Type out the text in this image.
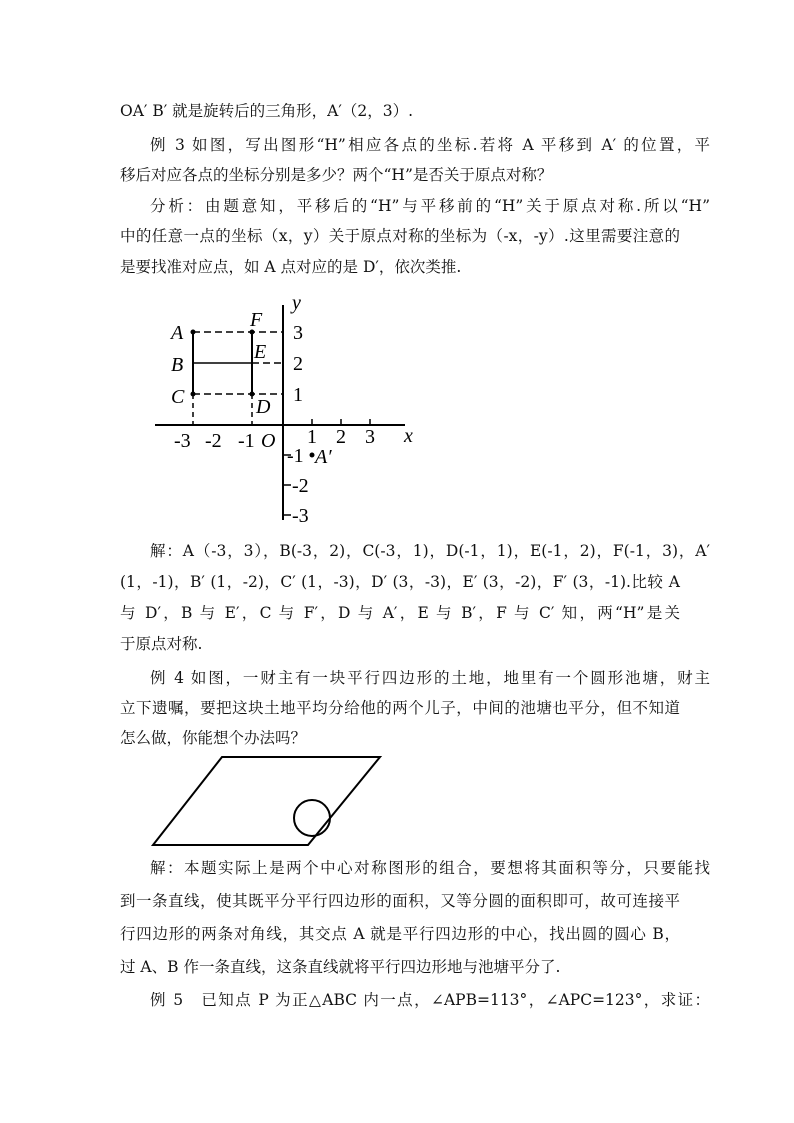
OA′ B′ 就是旋转后的三角形，A′（2，3）.
例 3 如图，写出图形“H”相应各点的坐标.若将 A 平移到 A′ 的位置，平
移后对应各点的坐标分别是多少？两个“H”是否关于原点对称？
分析：由题意知，平移后的“H”与平移前的“H”关于原点对称.所以“H”
中的任意一点的坐标（x，y）关于原点对称的坐标为（-x，-y）.这里需要注意的
是要找准对应点，如 A 点对应的是 D′，依次类推.
y
x
O
-3 -2 -1	1 2 3
3
2
1
-1
-2
-3
A
B
C
F
E
D
A′
解：A（-3，3），B(-3，2)，C(-3，1)，D(-1，1)，E(-1，2)，F(-1，3)，A′
(1，-1)，B′ (1，-2)，C′ (1，-3)，D′ (3，-3)，E′ (3，-2)，F′ (3，-1).比较 A
与 D′，B 与 E′，C 与 F′，D 与 A′，E 与 B′，F 与 C′ 知，两“H”是关
于原点对称.
例 4 如图，一财主有一块平行四边形的土地，地里有一个圆形池塘，财主
立下遗嘱，要把这块土地平均分给他的两个儿子，中间的池塘也平分，但不知道
怎么做，你能想个办法吗？
解：本题实际上是两个中心对称图形的组合，要想将其面积等分，只要能找
到一条直线，使其既平分平行四边形的面积，又等分圆的面积即可，故可连接平
行四边形的两条对角线，其交点 A 就是平行四边形的中心，找出圆的圆心 B，
过 A、B 作一条直线，这条直线就将平行四边形地与池塘平分了.
例 5　已知点 P 为正△ABC 内一点，∠APB=113°，∠APC=123°，求证：
